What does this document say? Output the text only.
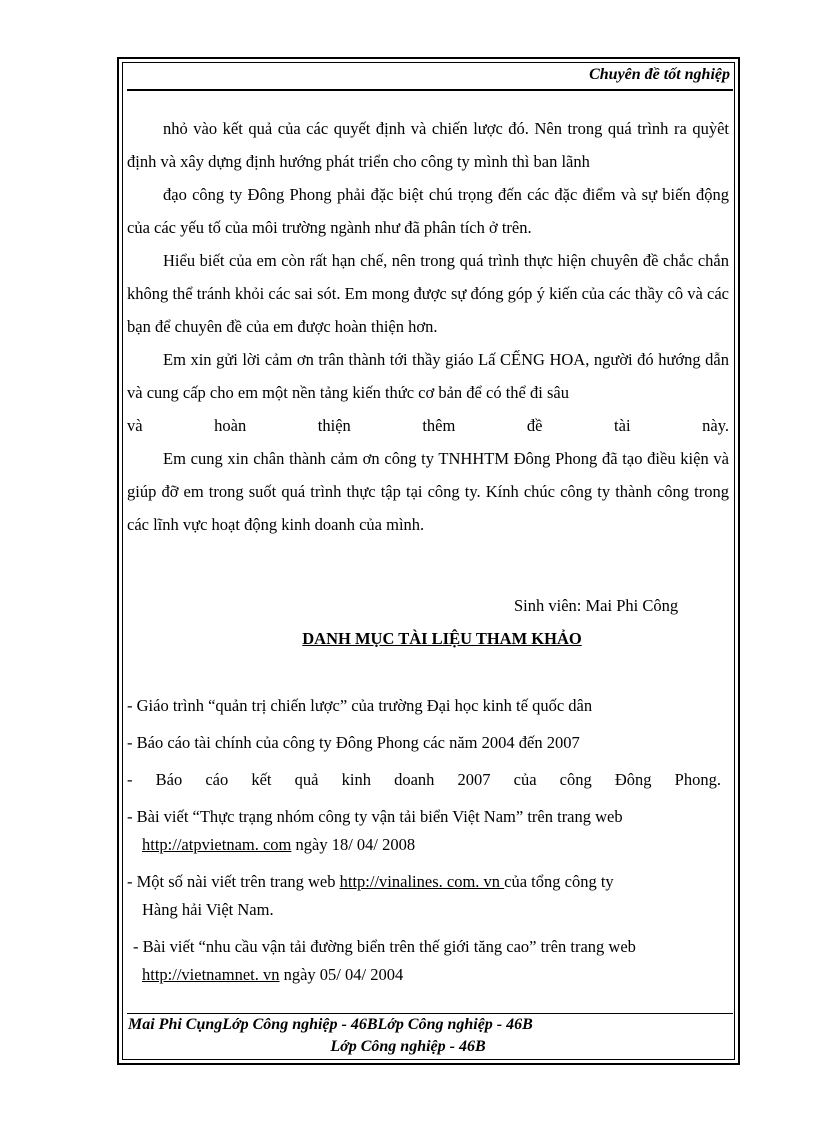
Chuyên đề tốt nghiệp

nhỏ vào kết quả của các quyết định và chiến lược đó. Nên trong quá trình ra quỳêt định và xây dựng định hướng phát triển cho công ty mình thì ban lãnh

đạo công ty Đông Phong phải đặc biệt chú trọng đến các đặc điểm và sự biến động của các yếu tố của môi trường ngành như đã phân tích ở trên.

Hiểu biết của em còn rất hạn chế, nên trong quá trình thực hiện chuyên đề chắc chắn không thể tránh khỏi các sai sót. Em mong được sự đóng góp ý kiến của các thầy cô và các bạn để chuyên đề của em được hoàn thiện hơn.

Em xin gửi lời cảm ơn trân thành tới thầy giáo Lấ CẾNG HOA, người đó hướng dẫn và cung cấp cho em một nền tảng kiến thức cơ bản để có thể đi sâu

và hoàn thiện thêm đề tài này.

Em cung xin chân thành cảm ơn công ty TNHHTM Đông Phong đã tạo điều kiện và giúp đỡ em trong suốt quá trình thực tập tại công ty. Kính chúc công ty thành công trong các lĩnh vực hoạt động kinh doanh của mình.

Sinh viên: Mai Phi Công
DANH MỤC TÀI LIỆU THAM KHẢO

- Giáo trình “quản trị chiến lược” của trường Đại học kinh tế quốc dân

- Báo cáo tài chính của công ty Đông Phong các năm 2004 đến 2007

- Báo cáo kết quả kinh doanh 2007 của công Đông Phong.

- Bài viết “Thực trạng nhóm công ty vận tải biển Việt Nam” trên trang web
http://atpvietnam. com ngày 18/ 04/ 2008

- Một số nài viết trên trang web http://vinalines. com. vn của tổng công ty
Hàng hải Việt Nam.

- Bài viết “nhu cầu vận tải đường biển trên thế giới tăng cao” trên trang web
http://vietnamnet. vn ngày 05/ 04/ 2004

Mai Phi CụngLớp Công nghiệp - 46BLớp Công nghiệp - 46B
Lớp Công nghiệp - 46B
